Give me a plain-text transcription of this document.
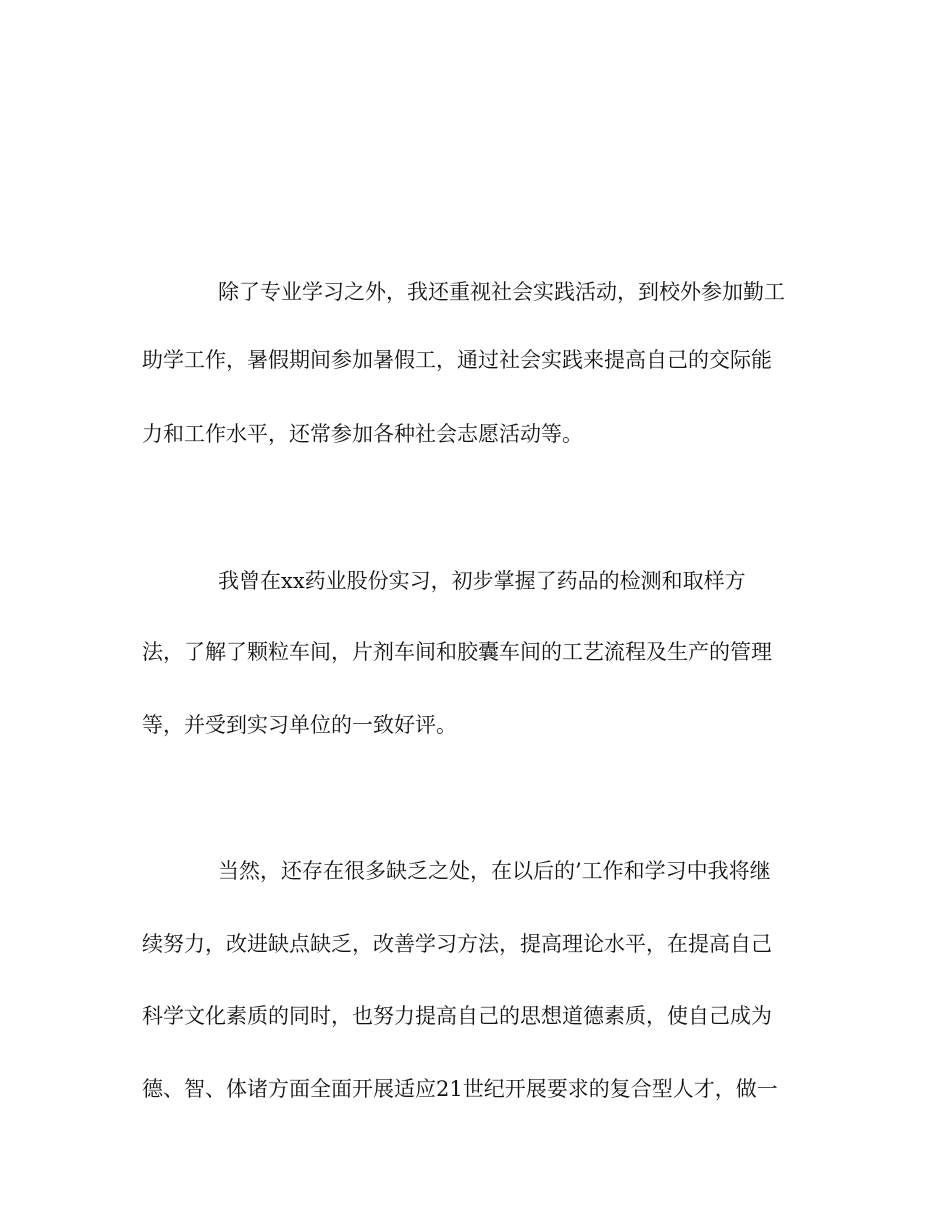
除了专业学习之外，我还重视社会实践活动，到校外参加勤工
助学工作，暑假期间参加暑假工，通过社会实践来提高自己的交际能
力和工作水平，还常参加各种社会志愿活动等。
我曾在xx药业股份实习，初步掌握了药品的检测和取样方
法，了解了颗粒车间，片剂车间和胶囊车间的工艺流程及生产的管理
等，并受到实习单位的一致好评。
当然，还存在很多缺乏之处，在以后的’工作和学习中我将继
续努力，改进缺点缺乏，改善学习方法，提高理论水平，在提高自己
科学文化素质的同时，也努力提高自己的思想道德素质，使自己成为
德、智、体诸方面全面开展适应21世纪开展要求的复合型人才，做一
